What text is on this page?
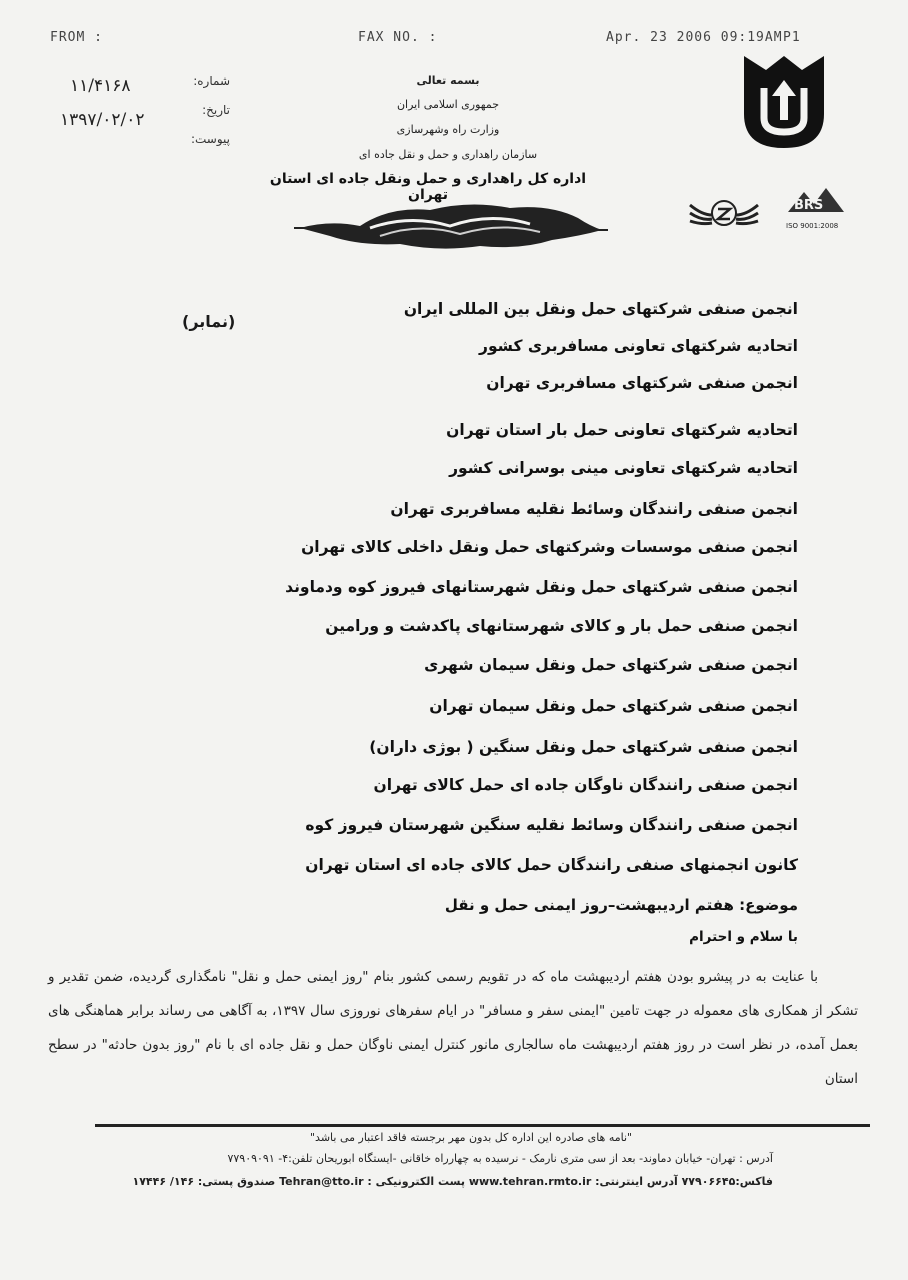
FROM :	FAX NO. :	Apr. 23 2006 09:19AM P1
۱۱/۴۱۶۸
۱۳۹۷/۰۲/۰۲
شماره:
تاریخ:
پیوست:
بسمه تعالی
جمهوری اسلامی ایران
وزارت راه وشهرسازی
سازمان راهداری و حمل و نقل جاده ای
اداره کل راهداری و حمل ونقل جاده ای استان تهران
BRS
ISO 9001:2008
(نمابر)
انجمن صنفی شرکتهای حمل ونقل بین المللی ایران
اتحادیه شرکتهای تعاونی مسافربری کشور
انجمن صنفی شرکتهای مسافربری تهران
اتحادیه شرکتهای تعاونی حمل بار استان تهران
اتحادیه شرکتهای تعاونی مینی بوسرانی کشور
انجمن صنفی رانندگان وسائط نقلیه مسافربری تهران
انجمن صنفی موسسات وشرکتهای حمل ونقل داخلی کالای تهران
انجمن صنفی شرکتهای حمل ونقل شهرستانهای فیروز کوه ودماوند
انجمن صنفی حمل بار و کالای شهرستانهای پاکدشت و ورامین
انجمن صنفی شرکتهای حمل ونقل سیمان شهری
انجمن صنفی شرکتهای حمل ونقل سیمان تهران
انجمن صنفی شرکتهای حمل ونقل سنگین ( بوژی داران)
انجمن صنفی رانندگان ناوگان جاده ای حمل کالای تهران
انجمن صنفی رانندگان وسائط نقلیه سنگین شهرستان فیروز کوه
کانون انجمنهای صنفی رانندگان حمل کالای جاده ای استان تهران
موضوع: هفتم اردیبهشت–روز ایمنی حمل و نقل
با سلام و احترام
با عنایت به در پیشرو بودن هفتم اردیبهشت ماه که در تقویم رسمی کشور بنام "روز ایمنی حمل و نقل" نامگذاری گردیده، ضمن تقدیر و تشکر از همکاری های معموله در جهت تامین "ایمنی سفر و مسافر" در ایام سفرهای نوروزی سال ۱۳۹۷، به آگاهی می رساند برابر هماهنگی های بعمل آمده، در نظر است در روز هفتم اردیبهشت ماه سالجاری مانور کنترل ایمنی ناوگان حمل و نقل جاده ای با نام "روز بدون حادثه" در سطح استان
"نامه های صادره این اداره کل بدون مهر برجسته فاقد اعتبار می باشد"
آدرس : تهران- خیابان دماوند- بعد از سی متری نارمک - نرسیده به چهارراه خاقانی -ایستگاه ابوریحان تلفن:۴- ۷۷۹۰۹۰۹۱
فاکس:۷۷۹۰۶۶۴۵ آدرس اینترنتی: www.tehran.rmto.ir پست الکترونیکی : Tehran@tto.ir صندوق پستی: ۱۴۶/ ۱۷۴۴۶
